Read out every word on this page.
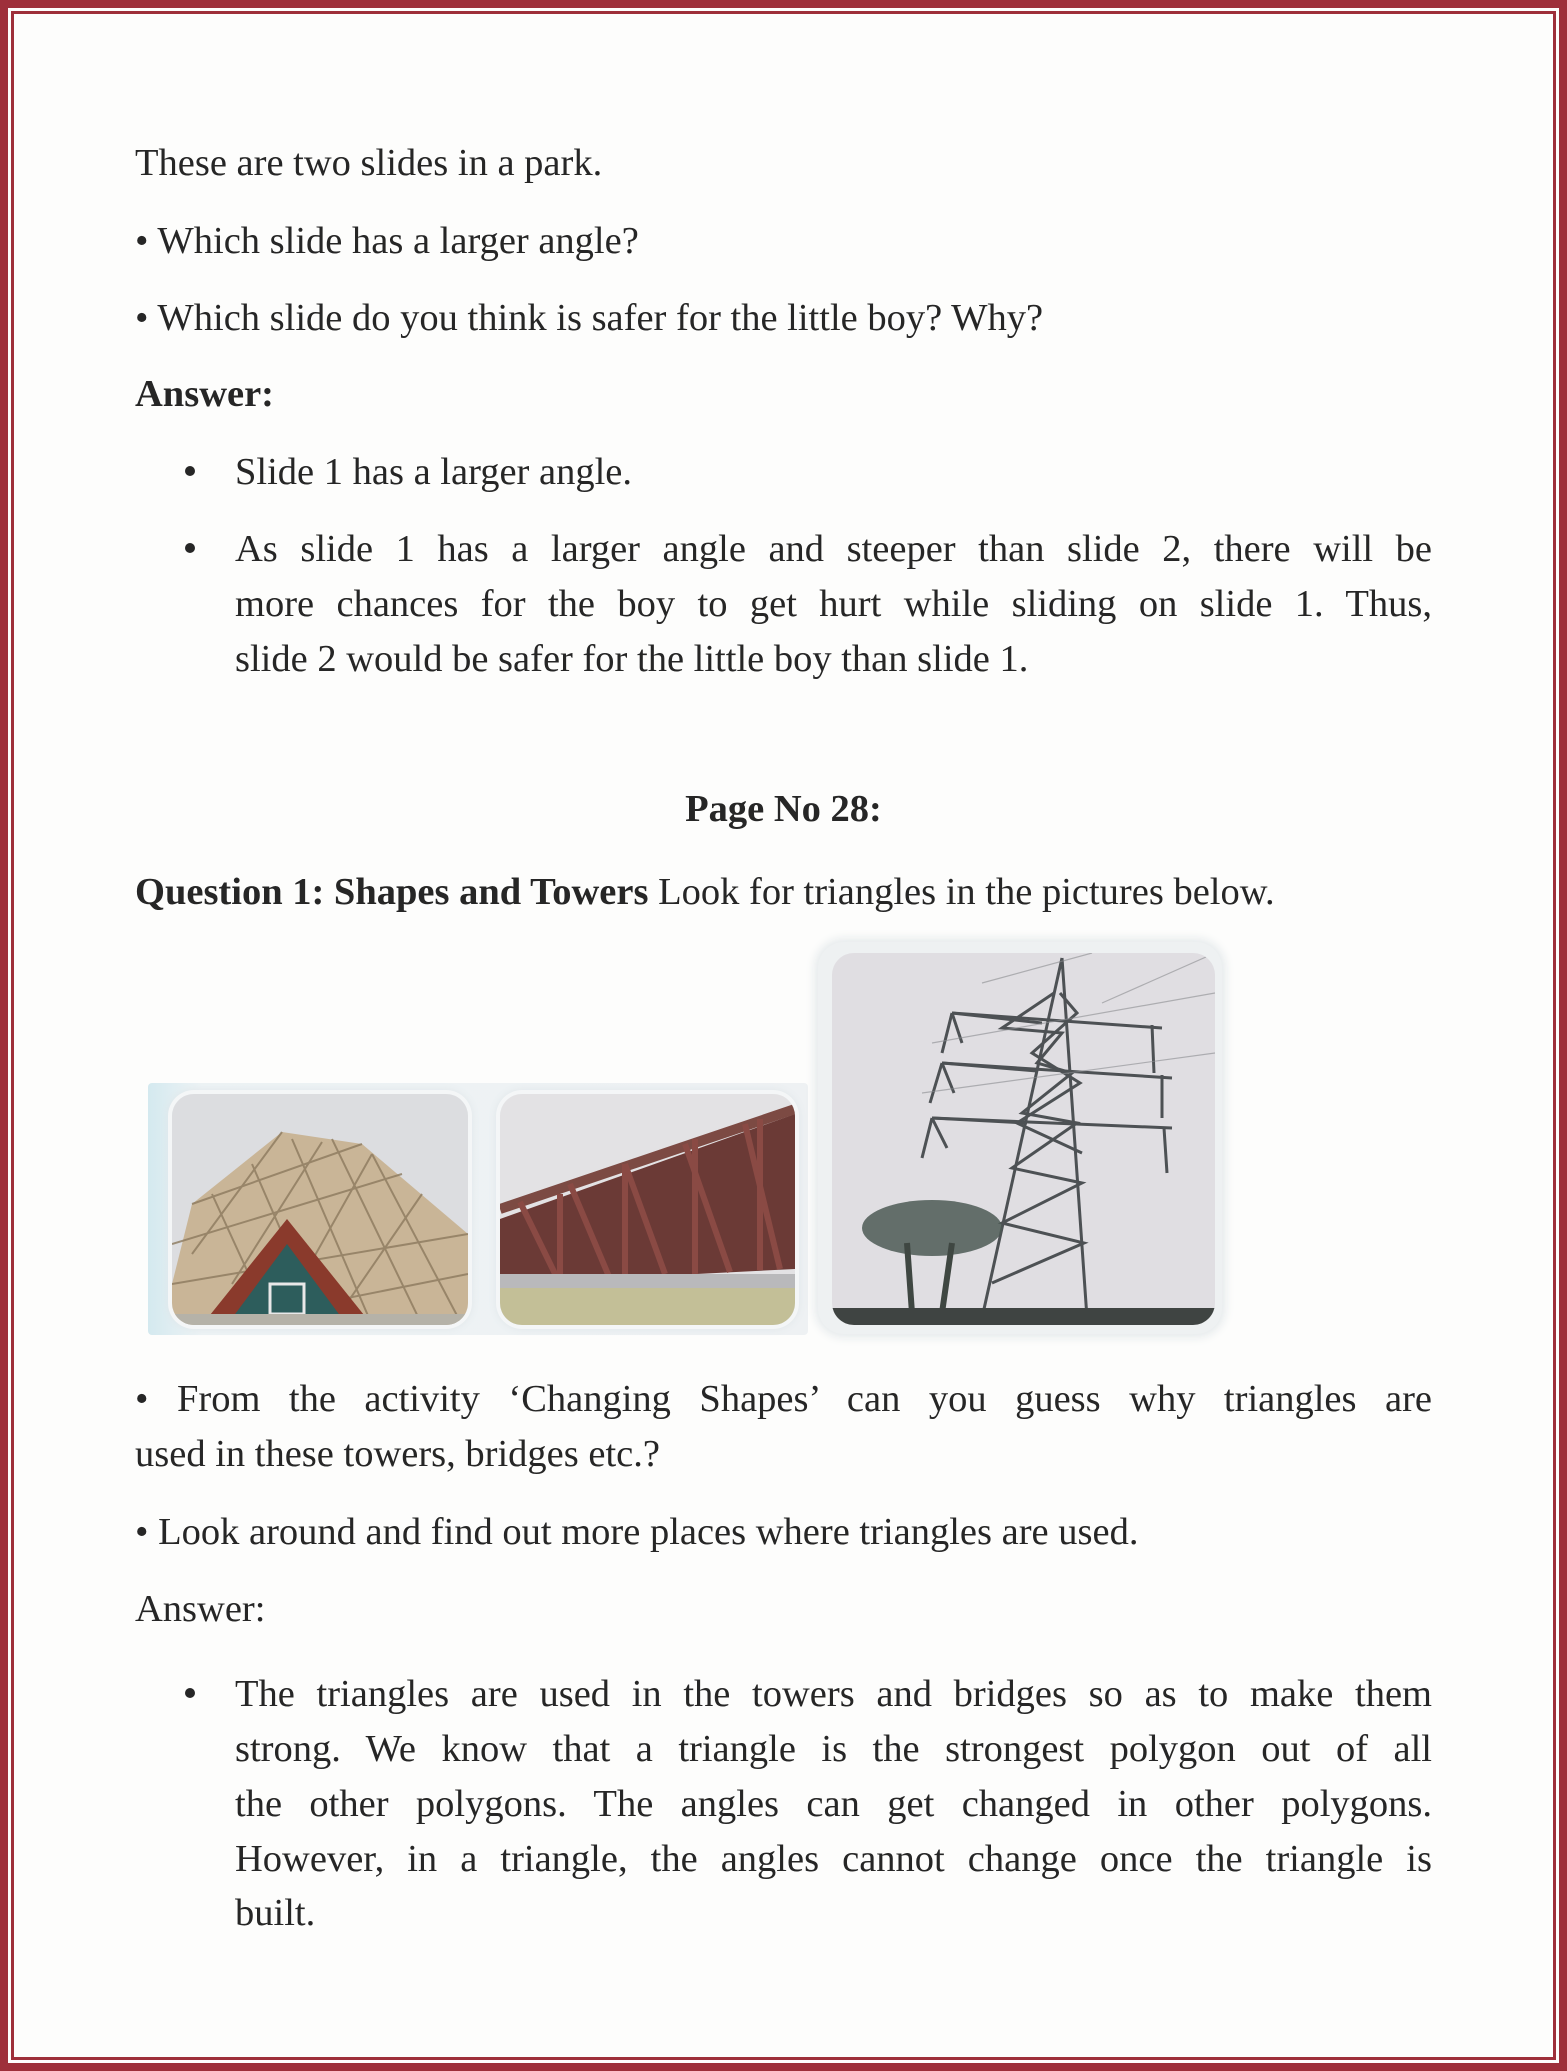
These are two slides in a park.
• Which slide has a larger angle?
• Which slide do you think is safer for the little boy? Why?
Answer:
Slide 1 has a larger angle.
As slide 1 has a larger angle and steeper than slide 2, there will be
more chances for the boy to get hurt while sliding on slide 1. Thus,
slide 2 would be safer for the little boy than slide 1.
Page No 28:
Question 1: Shapes and Towers Look for triangles in the pictures below.
• From the activity ‘Changing Shapes’ can you guess why triangles are
used in these towers, bridges etc.?
• Look around and find out more places where triangles are used.
Answer:
The triangles are used in the towers and bridges so as to make them
strong. We know that a triangle is the strongest polygon out of all
the other polygons. The angles can get changed in other polygons.
However, in a triangle, the angles cannot change once the triangle is
built.
